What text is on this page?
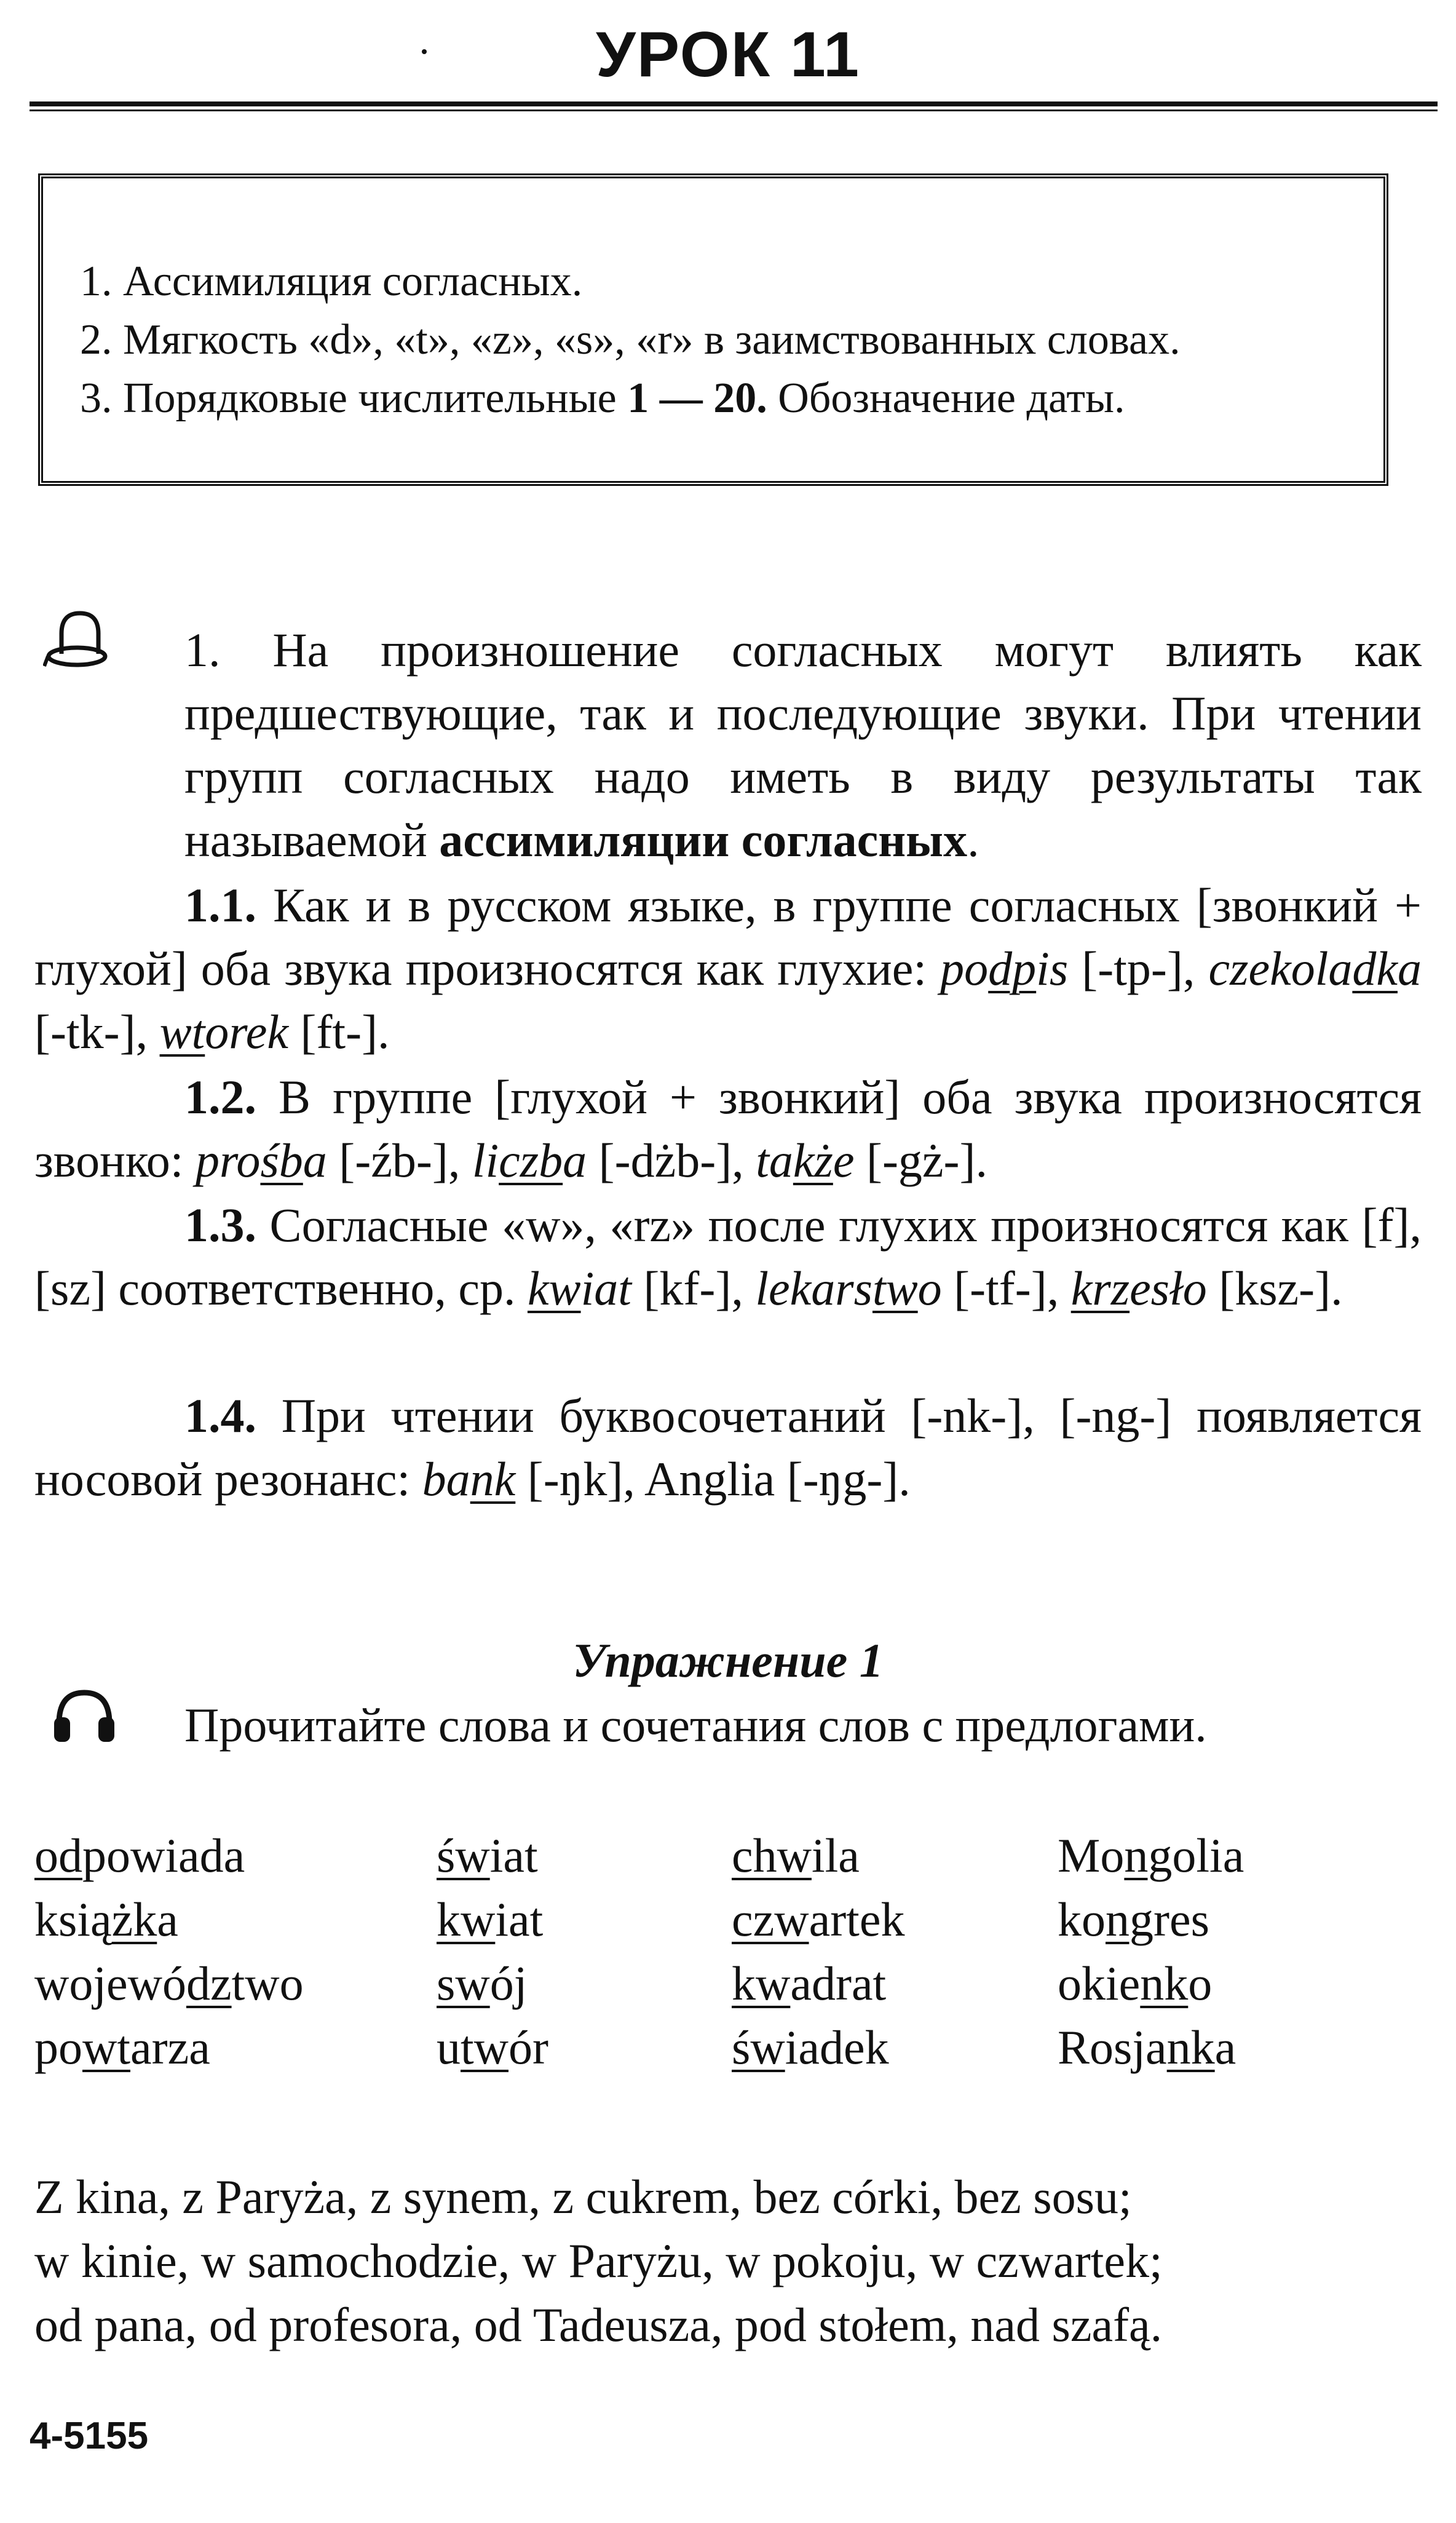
УРОК 11
1. Ассимиляция согласных.
2. Мягкость «d», «t», «z», «s», «r» в заимствованных словах.
3. Порядковые числительные 1 — 20. Обозначение даты.
1. На произношение согласных могут влиять как предшествующие, так и последующие звуки. При чтении групп согласных надо иметь в виду результаты так называемой ассимиляции согласных.
1.1. Как и в русском языке, в группе согласных [звонкий + глухой] оба звука произносятся как глухие: podpis [-tp-], czekoladka [-tk-], wtorek [ft-].
1.2. В группе [глухой + звонкий] оба звука произносятся звонко: prośba [-źb-], liczba [-dżb-], także [-gż-].
1.3. Согласные «w», «rz» после глухих произносятся как [f], [sz] соответственно, ср. kwiat [kf-], lekarstwo [-tf-], krzesło [ksz-].
1.4. При чтении буквосочетаний [-nk-], [-ng-] появляется носовой резонанс: bank [-ŋk], Anglia [-ŋg-].
Упражнение 1
Прочитайте слова и сочетания слов с предлогами.
odpowiada
książka
województwo
powtarza
świat
kwiat
swój
utwór
chwila
czwartek
kwadrat
świadek
Mongolia
kongres
okienko
Rosjanka
Z kina, z Paryża, z synem, z cukrem, bez córki, bez sosu;
w kinie, w samochodzie, w Paryżu, w pokoju, w czwartek;
od pana, od profesora, od Tadeusza, pod stołem, nad szafą.
4-5155
